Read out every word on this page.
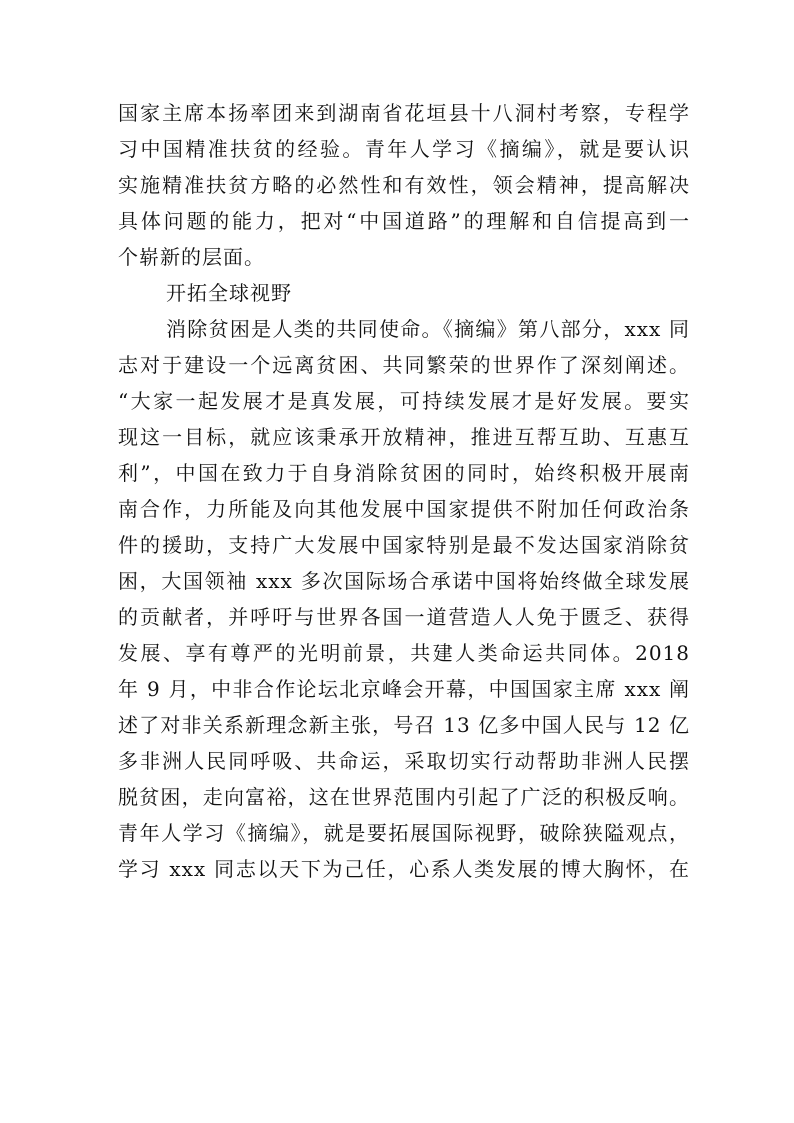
国家主席本扬率团来到湖南省花垣县十八洞村考察，专程学
习中国精准扶贫的经验。青年人学习《摘编》，就是要认识
实施精准扶贫方略的必然性和有效性，领会精神，提高解决
具体问题的能力，把对“中国道路”的理解和自信提高到一
个崭新的层面。
开拓全球视野
消除贫困是人类的共同使命。《摘编》第八部分，xxx 同
志对于建设一个远离贫困、共同繁荣的世界作了深刻阐述。
“大家一起发展才是真发展，可持续发展才是好发展。要实
现这一目标，就应该秉承开放精神，推进互帮互助、互惠互
利”，中国在致力于自身消除贫困的同时，始终积极开展南
南合作，力所能及向其他发展中国家提供不附加任何政治条
件的援助，支持广大发展中国家特别是最不发达国家消除贫
困，大国领袖 xxx 多次国际场合承诺中国将始终做全球发展
的贡献者，并呼吁与世界各国一道营造人人免于匮乏、获得
发展、享有尊严的光明前景，共建人类命运共同体。2018
年 9 月，中非合作论坛北京峰会开幕，中国国家主席 xxx 阐
述了对非关系新理念新主张，号召 13 亿多中国人民与 12 亿
多非洲人民同呼吸、共命运，采取切实行动帮助非洲人民摆
脱贫困，走向富裕，这在世界范围内引起了广泛的积极反响。
青年人学习《摘编》，就是要拓展国际视野，破除狭隘观点，
学习 xxx 同志以天下为己任，心系人类发展的博大胸怀，在
